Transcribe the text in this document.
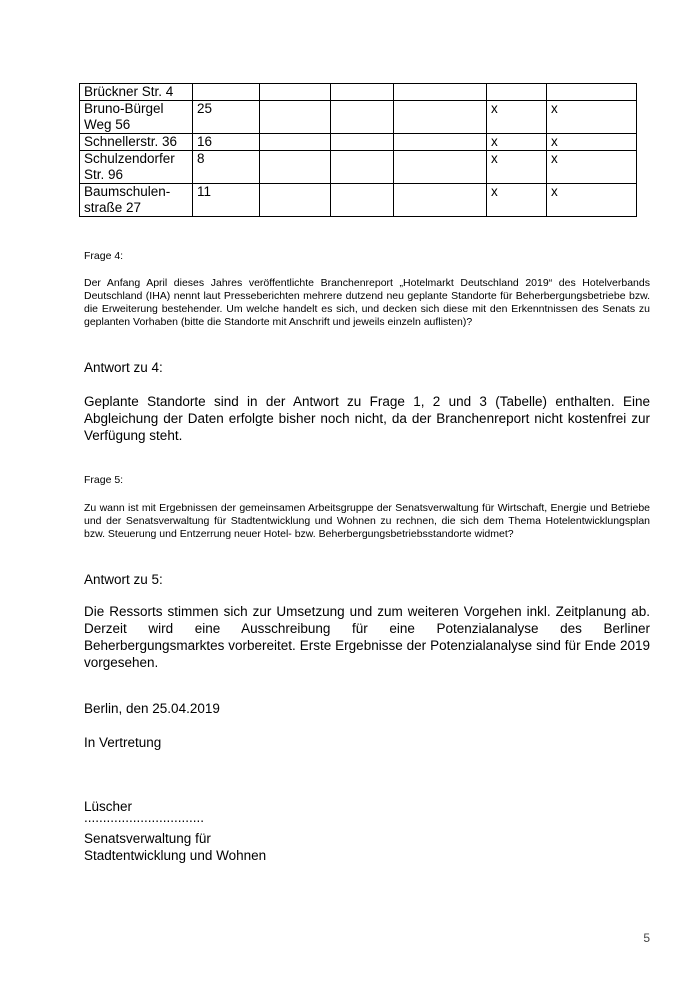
Brückner Str. 4						
Bruno-Bürgel Weg 56	25				x	x
Schnellerstr. 36	16				x	x
Schulzendorfer Str. 96	8				x	x
Baumschulen-straße 27	11				x	x
Frage 4:
Der Anfang April dieses Jahres veröffentlichte Branchenreport „Hotelmarkt Deutschland 2019“ des Hotelverbands Deutschland (IHA) nennt laut Presseberichten mehrere dutzend neu geplante Standorte für Beherbergungsbetriebe bzw. die Erweiterung bestehender. Um welche handelt es sich, und decken sich diese mit den Erkenntnissen des Senats zu geplanten Vorhaben (bitte die Standorte mit Anschrift und jeweils einzeln auflisten)?
Antwort zu 4:
Geplante Standorte sind in der Antwort zu Frage 1, 2 und 3 (Tabelle) enthalten. Eine Abgleichung der Daten erfolgte bisher noch nicht, da der Branchenreport nicht kostenfrei zur Verfügung steht.
Frage 5:
Zu wann ist mit Ergebnissen der gemeinsamen Arbeitsgruppe der Senatsverwaltung für Wirtschaft, Energie und Betriebe und der Senatsverwaltung für Stadtentwicklung und Wohnen zu rechnen, die sich dem Thema Hotelentwicklungsplan bzw. Steuerung und Entzerrung neuer Hotel- bzw. Beherbergungsbetriebsstandorte widmet?
Antwort zu 5:
Die Ressorts stimmen sich zur Umsetzung und zum weiteren Vorgehen inkl. Zeitplanung ab. Derzeit wird eine Ausschreibung für eine Potenzialanalyse des Berliner Beherbergungsmarktes vorbereitet. Erste Ergebnisse der Potenzialanalyse sind für Ende 2019 vorgesehen.
Berlin, den 25.04.2019
In Vertretung
Lüscher
................................
Senatsverwaltung für
Stadtentwicklung und Wohnen
5
